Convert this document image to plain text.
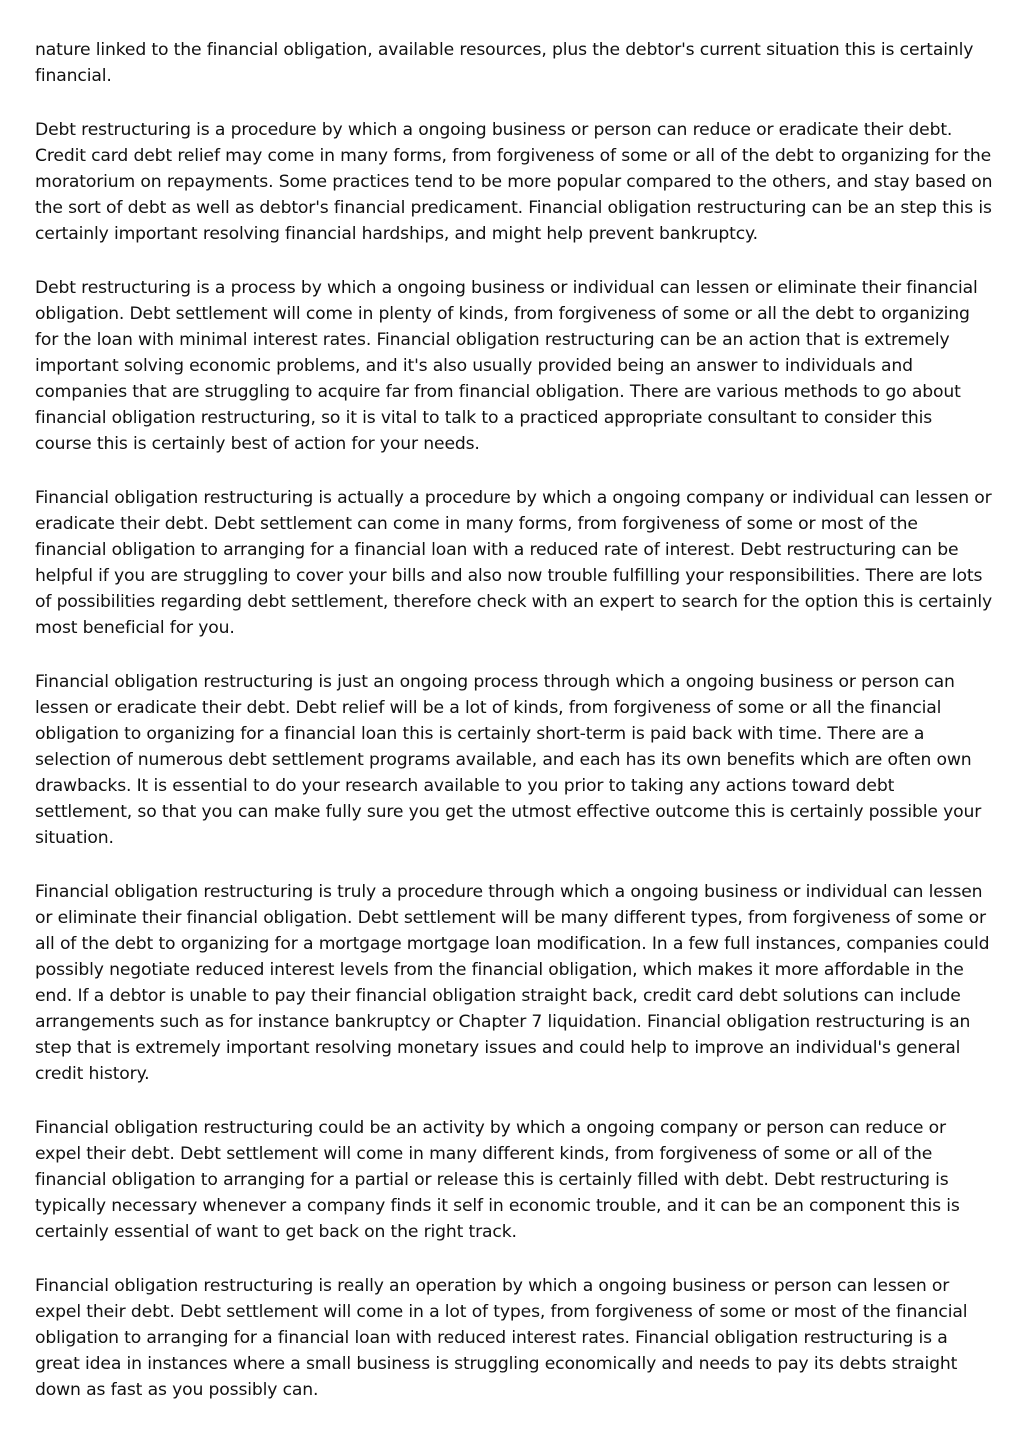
nature linked to the financial obligation, available resources, plus the debtor's current situation this is certainly financial.

Debt restructuring is a procedure by which a ongoing business or person can reduce or eradicate their debt. Credit card debt relief may come in many forms, from forgiveness of some or all of the debt to organizing for the moratorium on repayments. Some practices tend to be more popular compared to the others, and stay based on the sort of debt as well as debtor's financial predicament. Financial obligation restructuring can be an step this is certainly important resolving financial hardships, and might help prevent bankruptcy.

Debt restructuring is a process by which a ongoing business or individual can lessen or eliminate their financial obligation. Debt settlement will come in plenty of kinds, from forgiveness of some or all the debt to organizing for the loan with minimal interest rates. Financial obligation restructuring can be an action that is extremely important solving economic problems, and it's also usually provided being an answer to individuals and companies that are struggling to acquire far from financial obligation. There are various methods to go about financial obligation restructuring, so it is vital to talk to a practiced appropriate consultant to consider this course this is certainly best of action for your needs.

Financial obligation restructuring is actually a procedure by which a ongoing company or individual can lessen or eradicate their debt. Debt settlement can come in many forms, from forgiveness of some or most of the financial obligation to arranging for a financial loan with a reduced rate of interest. Debt restructuring can be helpful if you are struggling to cover your bills and also now trouble fulfilling your responsibilities. There are lots of possibilities regarding debt settlement, therefore check with an expert to search for the option this is certainly most beneficial for you.

Financial obligation restructuring is just an ongoing process through which a ongoing business or person can lessen or eradicate their debt. Debt relief will be a lot of kinds, from forgiveness of some or all the financial obligation to organizing for a financial loan this is certainly short-term is paid back with time. There are a selection of numerous debt settlement programs available, and each has its own benefits which are often own drawbacks. It is essential to do your research available to you prior to taking any actions toward debt settlement, so that you can make fully sure you get the utmost effective outcome this is certainly possible your situation.

Financial obligation restructuring is truly a procedure through which a ongoing business or individual can lessen or eliminate their financial obligation. Debt settlement will be many different types, from forgiveness of some or all of the debt to organizing for a mortgage mortgage loan modification. In a few full instances, companies could possibly negotiate reduced interest levels from the financial obligation, which makes it more affordable in the end. If a debtor is unable to pay their financial obligation straight back, credit card debt solutions can include arrangements such as for instance bankruptcy or Chapter 7 liquidation. Financial obligation restructuring is an step that is extremely important resolving monetary issues and could help to improve an individual's general credit history.

Financial obligation restructuring could be an activity by which a ongoing company or person can reduce or expel their debt. Debt settlement will come in many different kinds, from forgiveness of some or all of the financial obligation to arranging for a partial or release this is certainly filled with debt. Debt restructuring is typically necessary whenever a company finds it self in economic trouble, and it can be an component this is certainly essential of want to get back on the right track.

Financial obligation restructuring is really an operation by which a ongoing business or person can lessen or expel their debt. Debt settlement will come in a lot of types, from forgiveness of some or most of the financial obligation to arranging for a financial loan with reduced interest rates. Financial obligation restructuring is a great idea in instances where a small business is struggling economically and needs to pay its debts straight down as fast as you possibly can.
